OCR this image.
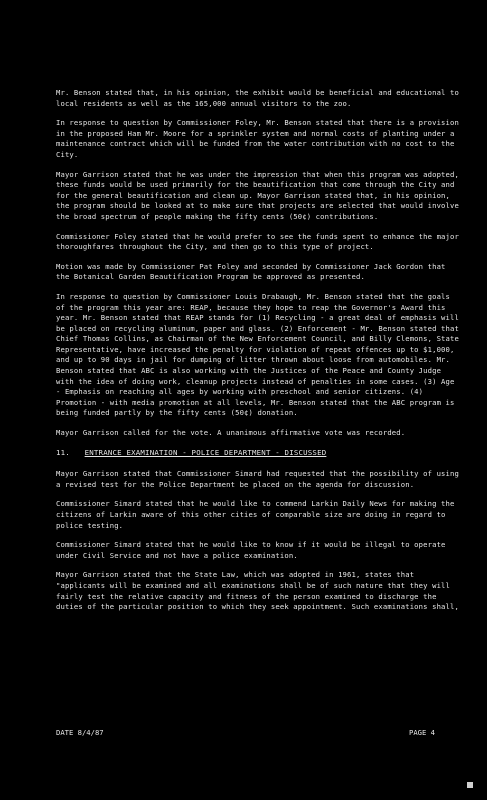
Mr. Benson stated that, in his opinion, the exhibit would be beneficial and educational to local residents as well as the 165,000 annual visitors to the zoo.

In response to question by Commissioner Foley, Mr. Benson stated that there is a provision in the proposed Ham Mr. Moore for a sprinkler system and normal costs of planting under a maintenance contract which will be funded from the water contribution with no cost to the City.

Mayor Garrison stated that he was under the impression that when this program was adopted, these funds would be used primarily for the beautification that come through the City and for the general beautification and clean up. Mayor Garrison stated that, in his opinion, the program should be looked at to make sure that projects are selected that would involve the broad spectrum of people making the fifty cents (50¢) contributions.

Commissioner Foley stated that he would prefer to see the funds spent to enhance the major thoroughfares throughout the City, and then go to this type of project.

Motion was made by Commissioner Pat Foley and seconded by Commissioner Jack Gordon that the Botanical Garden Beautification Program be approved as presented.

In response to question by Commissioner Louis Drabaugh, Mr. Benson stated that the goals of the program this year are: REAP, because they hope to reap the Governor's Award this year. Mr. Benson stated that REAP stands for (1) Recycling - a great deal of emphasis will be placed on recycling aluminum, paper and glass. (2) Enforcement - Mr. Benson stated that Chief Thomas Collins, as Chairman of the New Enforcement Council, and Billy Clemons, State Representative, have increased the penalty for violation of repeat offences up to $1,000, and up to 90 days in jail for dumping of litter thrown about loose from automobiles. Mr. Benson stated that ABC is also working with the Justices of the Peace and County Judge with the idea of doing work, cleanup projects instead of penalties in some cases. (3) Age - Emphasis on reaching all ages by working with preschool and senior citizens. (4) Promotion - with media promotion at all levels, Mr. Benson stated that the ABC program is being funded partly by the fifty cents (50¢) donation.

Mayor Garrison called for the vote. A unanimous affirmative vote was recorded.

11. ENTRANCE EXAMINATION - POLICE DEPARTMENT - DISCUSSED

Mayor Garrison stated that Commissioner Simard had requested that the possibility of using a revised test for the Police Department be placed on the agenda for discussion.

Commissioner Simard stated that he would like to commend Larkin Daily News for making the citizens of Larkin aware of this other cities of comparable size are doing in regard to police testing.

Commissioner Simard stated that he would like to know if it would be illegal to operate under Civil Service and not have a police examination.

Mayor Garrison stated that the State Law, which was adopted in 1961, states that "applicants will be examined and all examinations shall be of such nature that they will fairly test the relative capacity and fitness of the person examined to discharge the duties of the particular position to which they seek appointment. Such examinations shall,

DATE 8/4/87	PAGE 4
